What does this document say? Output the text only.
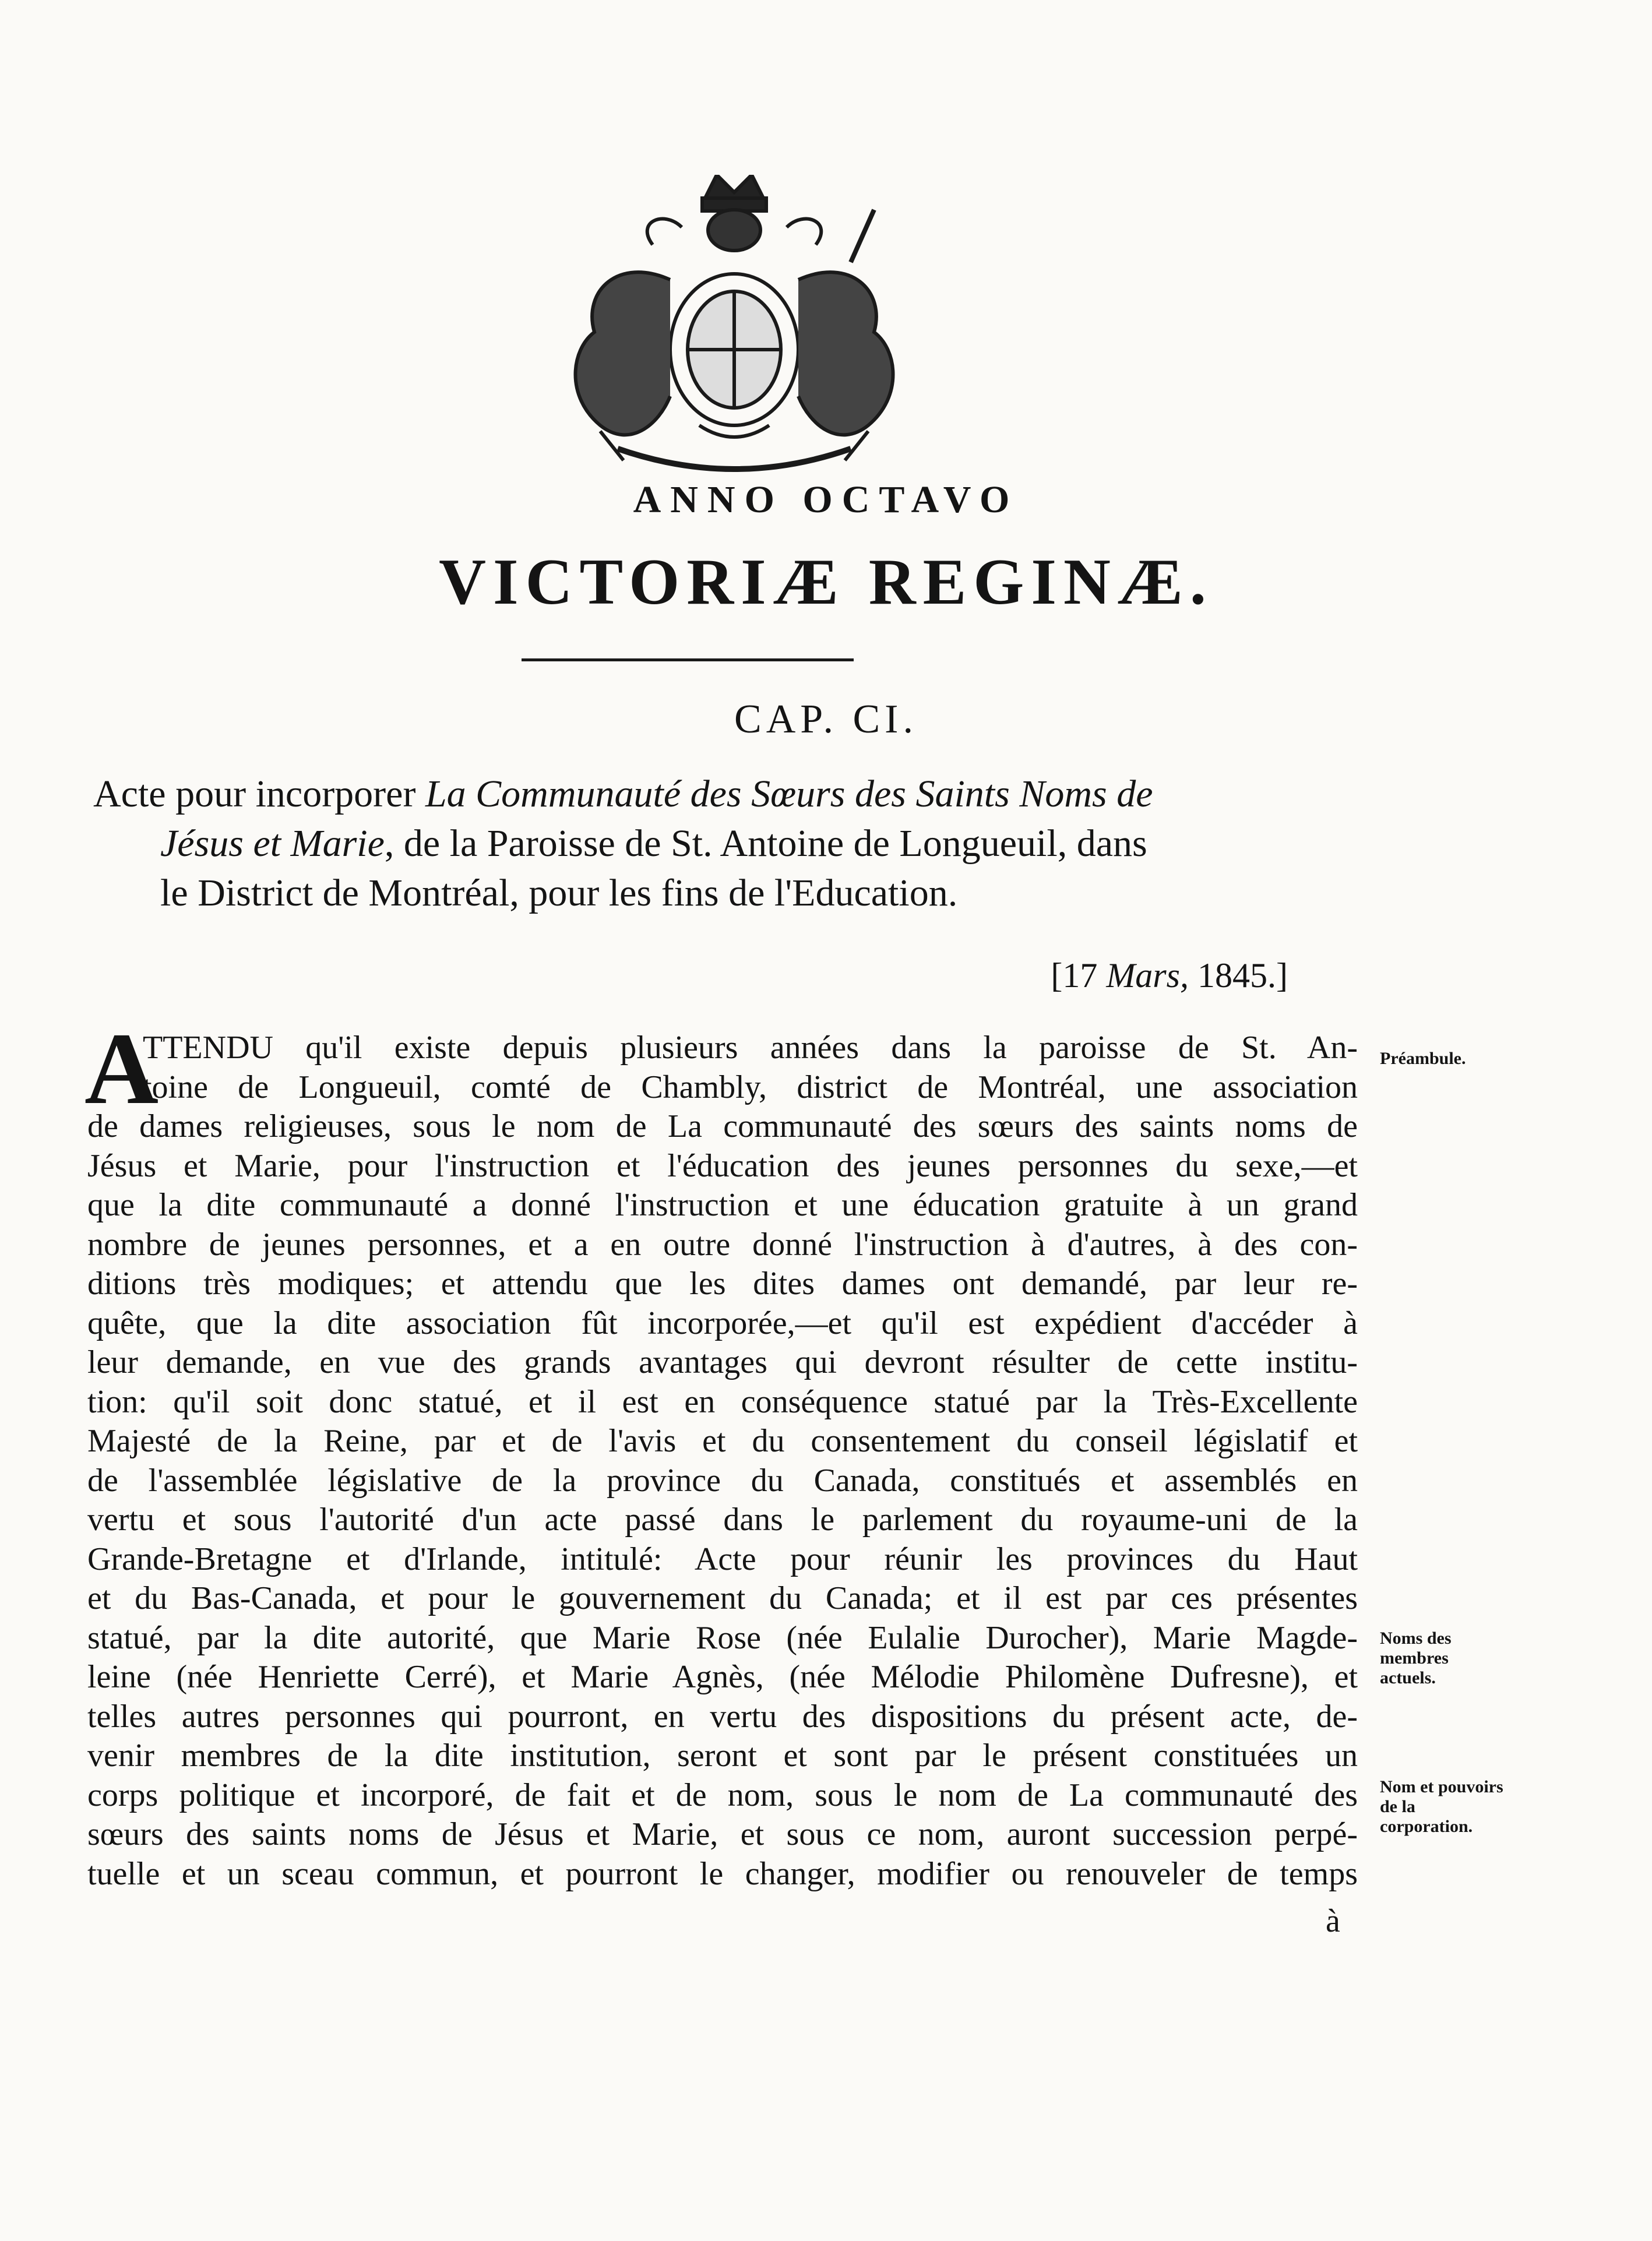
ANNO OCTAVO
VICTORIÆ REGINÆ.
CAP. CI.
Acte pour incorporer La Communauté des Sœurs des Saints Noms de
Jésus et Marie, de la Paroisse de St. Antoine de Longueuil, dans
le District de Montréal, pour les fins de l'Education.
[17 Mars, 1845.]
A
TTENDU qu'il existe depuis plusieurs années dans la paroisse de St. An-
toine de Longueuil, comté de Chambly, district de Montréal, une association
de dames religieuses, sous le nom de La communauté des sœurs des saints noms de
Jésus et Marie, pour l'instruction et l'éducation des jeunes personnes du sexe,—et
que la dite communauté a donné l'instruction et une éducation gratuite à un grand
nombre de jeunes personnes, et a en outre donné l'instruction à d'autres, à des con-
ditions très modiques; et attendu que les dites dames ont demandé, par leur re-
quête, que la dite association fût incorporée,—et qu'il est expédient d'accéder à
leur demande, en vue des grands avantages qui devront résulter de cette institu-
tion: qu'il soit donc statué, et il est en conséquence statué par la Très-Excellente
Majesté de la Reine, par et de l'avis et du consentement du conseil législatif et
de l'assemblée législative de la province du Canada, constitués et assemblés en
vertu et sous l'autorité d'un acte passé dans le parlement du royaume-uni de la
Grande-Bretagne et d'Irlande, intitulé: Acte pour réunir les provinces du Haut
et du Bas-Canada, et pour le gouvernement du Canada; et il est par ces présentes
statué, par la dite autorité, que Marie Rose (née Eulalie Durocher), Marie Magde-
leine (née Henriette Cerré), et Marie Agnès, (née Mélodie Philomène Dufresne), et
telles autres personnes qui pourront, en vertu des dispositions du présent acte, de-
venir membres de la dite institution, seront et sont par le présent constituées un
corps politique et incorporé, de fait et de nom, sous le nom de La communauté des
sœurs des saints noms de Jésus et Marie, et sous ce nom, auront succession perpé-
tuelle et un sceau commun, et pourront le changer, modifier ou renouveler de temps
à
Préambule.
Noms des membres actuels.
Nom et pouvoirs de la corporation.
